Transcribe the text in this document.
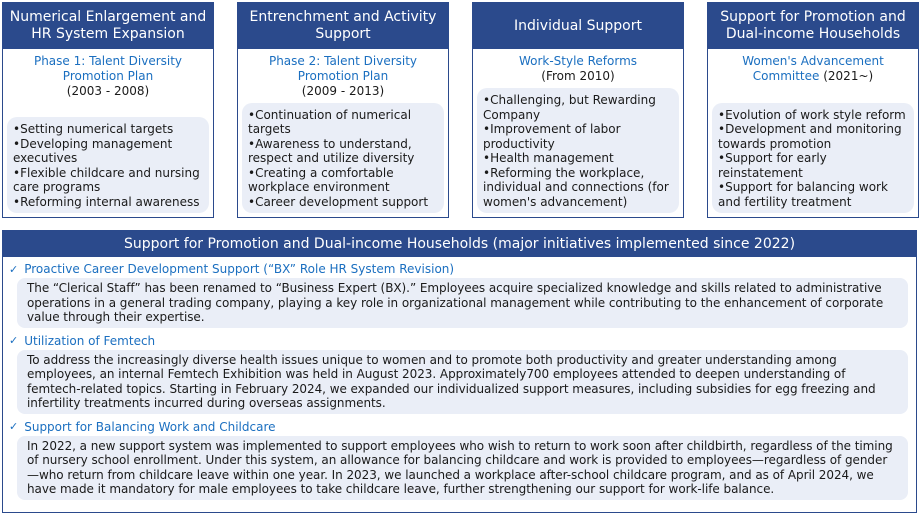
Numerical Enlargement and HR System Expansion
Phase 1: Talent Diversity Promotion Plan
(2003 - 2008)
•Setting numerical targets
•Developing management executives
•Flexible childcare and nursing care programs
•Reforming internal awareness
Entrenchment and Activity Support
Phase 2: Talent Diversity Promotion Plan
(2009 - 2013)
•Continuation of numerical targets
•Awareness to understand, respect and utilize diversity
•Creating a comfortable workplace environment
•Career development support
Individual Support
Work-Style Reforms
(From 2010)
•Challenging, but Rewarding Company
•Improvement of labor productivity
•Health management
•Reforming the workplace, individual and connections (for women's advancement)
Support for Promotion and Dual-income Households
Women's Advancement Committee (2021~)
•Evolution of work style reform
•Development and monitoring towards promotion
•Support for early reinstatement
•Support for balancing work and fertility treatment
Support for Promotion and Dual-income Households (major initiatives implemented since 2022)
✓ Proactive Career Development Support (“BX” Role HR System Revision)
The “Clerical Staff” has been renamed to “Business Expert (BX).” Employees acquire specialized knowledge and skills related to administrative operations in a general trading company, playing a key role in organizational management while contributing to the enhancement of corporate value through their expertise.
✓ Utilization of Femtech
To address the increasingly diverse health issues unique to women and to promote both productivity and greater understanding among employees, an internal Femtech Exhibition was held in August 2023. Approximately700 employees attended to deepen understanding of femtech-related topics. Starting in February 2024, we expanded our individualized support measures, including subsidies for egg freezing and infertility treatments incurred during overseas assignments.
✓ Support for Balancing Work and Childcare
In 2022, a new support system was implemented to support employees who wish to return to work soon after childbirth, regardless of the timing of nursery school enrollment. Under this system, an allowance for balancing childcare and work is provided to employees—regardless of gender—who return from childcare leave within one year. In 2023, we launched a workplace after-school childcare program, and as of April 2024, we have made it mandatory for male employees to take childcare leave, further strengthening our support for work-life balance.
